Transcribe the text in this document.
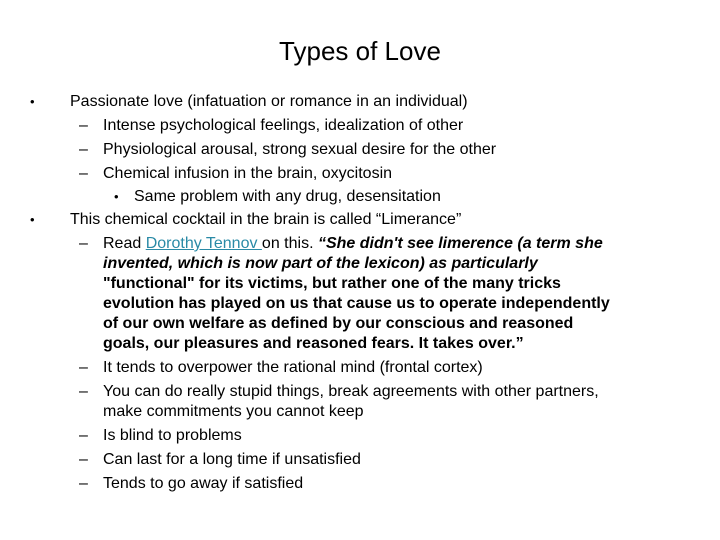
Types of Love
• Passionate love (infatuation or romance in an individual)
– Intense psychological feelings, idealization of other
– Physiological arousal, strong sexual desire for the other
– Chemical infusion in the brain, oxycitosin
• Same problem with any drug, desensitation
• This chemical cocktail in the brain is called “Limerance”
– Read Dorothy Tennov on this. “She didn't see limerence (a term she
invented, which is now part of the lexicon) as particularly
"functional" for its victims, but rather one of the many tricks
evolution has played on us that cause us to operate independently
of our own welfare as defined by our conscious and reasoned
goals, our pleasures and reasoned fears. It takes over.”
– It tends to overpower the rational mind (frontal cortex)
– You can do really stupid things, break agreements with other partners,
make commitments you cannot keep
– Is blind to problems
– Can last for a long time if unsatisfied
– Tends to go away if satisfied
